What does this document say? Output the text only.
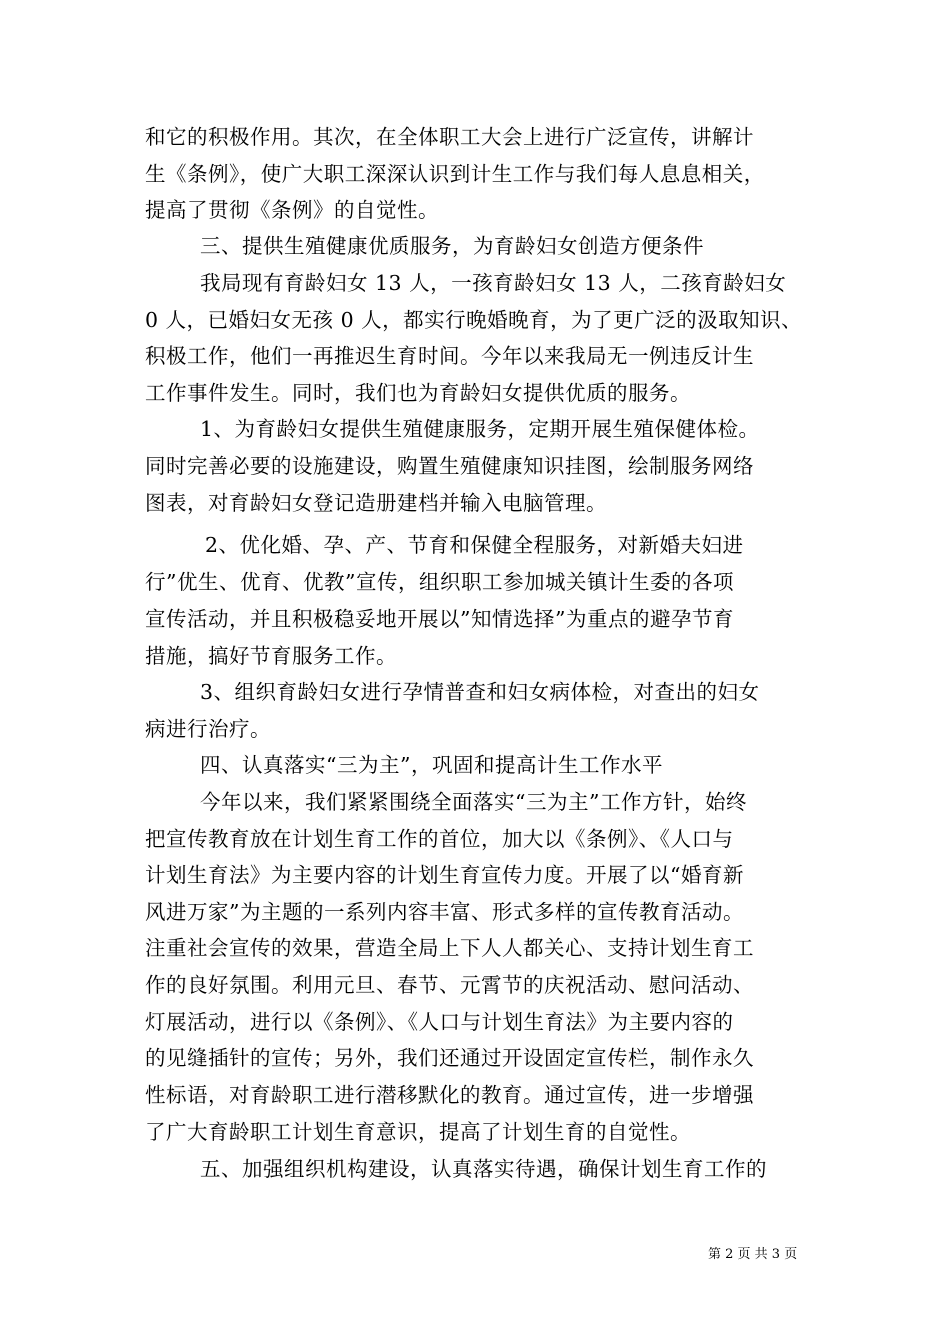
和它的积极作用。其次，在全体职工大会上进行广泛宣传，讲解计
生《条例》，使广大职工深深认识到计生工作与我们每人息息相关，
提高了贯彻《条例》的自觉性。
三、提供生殖健康优质服务，为育龄妇女创造方便条件
我局现有育龄妇女 13 人，一孩育龄妇女 13 人，二孩育龄妇女
0 人，已婚妇女无孩 0 人，都实行晚婚晚育，为了更广泛的汲取知识、
积极工作，他们一再推迟生育时间。今年以来我局无一例违反计生
工作事件发生。同时，我们也为育龄妇女提供优质的服务。
1、为育龄妇女提供生殖健康服务，定期开展生殖保健体检。
同时完善必要的设施建设，购置生殖健康知识挂图，绘制服务网络
图表，对育龄妇女登记造册建档并输入电脑管理。
2、优化婚、孕、产、节育和保健全程服务，对新婚夫妇进
行”优生、优育、优教”宣传，组织职工参加城关镇计生委的各项
宣传活动，并且积极稳妥地开展以”知情选择”为重点的避孕节育
措施，搞好节育服务工作。
3、组织育龄妇女进行孕情普查和妇女病体检，对查出的妇女
病进行治疗。
四、认真落实“三为主”，巩固和提高计生工作水平
今年以来，我们紧紧围绕全面落实“三为主”工作方针，始终
把宣传教育放在计划生育工作的首位，加大以《条例》、《人口与
计划生育法》为主要内容的计划生育宣传力度。开展了以“婚育新
风进万家”为主题的一系列内容丰富、形式多样的宣传教育活动。
注重社会宣传的效果，营造全局上下人人都关心、支持计划生育工
作的良好氛围。利用元旦、春节、元霄节的庆祝活动、慰问活动、
灯展活动，进行以《条例》、《人口与计划生育法》为主要内容的
的见缝插针的宣传；另外，我们还通过开设固定宣传栏，制作永久
性标语，对育龄职工进行潜移默化的教育。通过宣传，进一步增强
了广大育龄职工计划生育意识，提高了计划生育的自觉性。
五、加强组织机构建设，认真落实待遇，确保计划生育工作的
第 2 页 共 3 页
